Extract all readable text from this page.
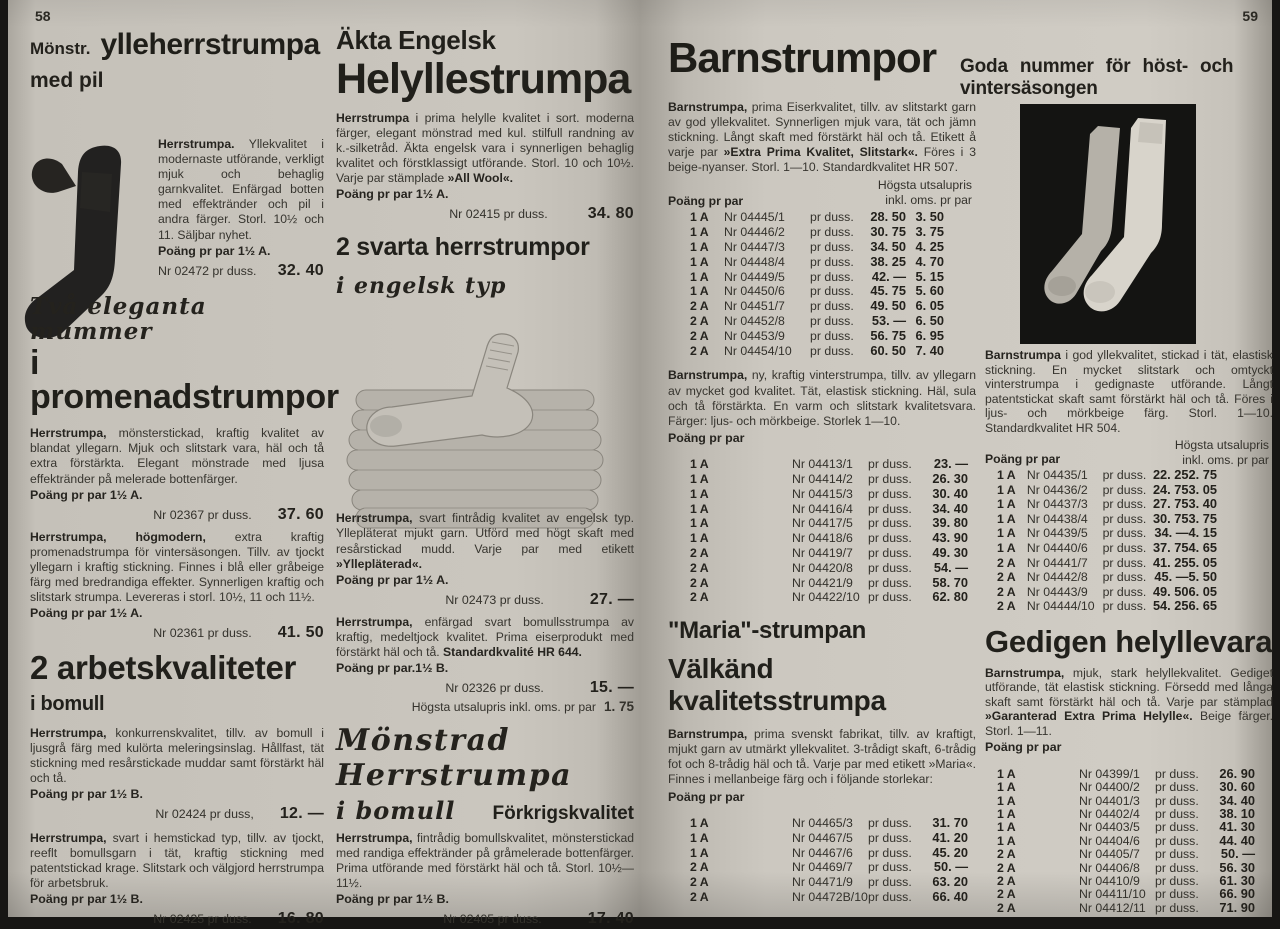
58	59
Mönstr. ylleherrstrumpa
med pil

Herrstrumpa. Yllekvalitet i modernaste utförande, verkligt mjuk och behaglig garnkvalitet. Enfärgad botten med effektränder och pil i andra färger. Storl. 10½ och 11. Säljbar nyhet.

Poäng pr par 1½ A.

Nr 02472 pr duss. 32. 40
Två eleganta mummer
i promenadstrumpor

Herrstrumpa, mönsterstickad, kraftig kvalitet av blandat yllegarn. Mjuk och slitstark vara, häl och tå extra förstärkta. Elegant mönstrade med ljusa effektränder på melerade bottenfärger.

Poäng pr par 1½ A.

Nr 02367 pr duss. 37. 60

Herrstrumpa, högmodern, extra kraftig promenadstrumpa för vintersäsongen. Tillv. av tjockt yllegarn i kraftig stickning. Finnes i blå eller gråbeige färg med bredrandiga effekter. Synnerligen kraftig och slitstark strumpa. Levereras i storl. 10½, 11 och 11½.

Poäng pr par 1½ A.

Nr 02361 pr duss. 41. 50
2 arbetskvaliteter
i bomull

Herrstrumpa, konkurrenskvalitet, tillv. av bomull i ljusgrå färg med kulörta meleringsinslag. Hållfast, tät stickning med resårstickade muddar samt förstärkt häl och tå.

Poäng pr par 1½ B.

Nr 02424 pr duss, 12. —

Herrstrumpa, svart i hemstickad typ, tillv. av tjockt, reeflt bomullsgarn i tät, kraftig stickning med patentstickad krage. Slitstark och välgjord herrstrumpa för arbetsbruk.

Poäng pr par 1½ B.

Nr 02425 pr duss. 16. 80
Äkta Engelsk
Helyllestrumpa

Herrstrumpa i prima helylle kvalitet i sort. moderna färger, elegant mönstrad med kul. stilfull randning av k.-silketråd. Äkta engelsk vara i synnerligen behaglig kvalitet och förstklassigt utförande. Storl. 10 och 10½. Varje par stämplade »All Wool«.

Poäng pr par 1½ A.

Nr 02415 pr duss.	34. 80
2 svarta herrstrumpor
i engelsk typ

Herrstrumpa, svart fintrådig kvalitet av engelsk typ. Yllepläterat mjukt garn. Utförd med högt skaft med resårstickad mudd. Varje par med etikett »Yllepläterad«.

Poäng pr par 1½ A.

Nr 02473 pr duss.	27. —

Herrstrumpa, enfärgad svart bomullsstrumpa av kraftig, medeltjock kvalitet. Prima eiserprodukt med förstärkt häl och tå. Standardkvalité HR 644.

Poäng pr par.1½ B.

Nr 02326 pr duss.	15. —
Högsta utsalupris inkl. oms. pr par 1. 75
Mönstrad Herrstrumpa
i bomull Förkrigskvalitet

Herrstrumpa, fintrådig bomullskvalitet, mönsterstickad med randiga effektränder på gråmelerade bottenfärger. Prima utförande med förstärkt häl och tå. Storl. 10½—11½.

Poäng pr par 1½ B.

Nr 02405 pr duss.	17. 40
Barnstrumpor Goda nummer för höst- och vintersäsongen

Barnstrumpa, prima Eiserkvalitet, tillv. av slitstarkt garn av god yllekvalitet. Synnerligen mjuk vara, tät och jämn stickning. Långt skaft med förstärkt häl och tå. Etikett å varje par »Extra Prima Kvalitet, Slitstark«. Föres i 3 beige-nyanser. Storl. 1—10. Standardkvalitet HR 507.

Högsta utsalupris
inkl. oms. pr par
Poäng pr par
1 A	Nr 04445/1	pr duss.	28. 50 3. 50
1 A	Nr 04446/2	pr duss.	30. 75 3. 75
1 A	Nr 04447/3	pr duss.	34. 50 4. 25
1 A	Nr 04448/4	pr duss.	38. 25 4. 70
1 A	Nr 04449/5	pr duss.	42. — 5. 15
1 A	Nr 04450/6	pr duss.	45. 75 5. 60
2 A	Nr 04451/7	pr duss.	49. 50 6. 05
2 A	Nr 04452/8	pr duss.	53. — 6. 50
2 A	Nr 04453/9	pr duss.	56. 75 6. 95
2 A	Nr 04454/10	pr duss.	60. 50 7. 40

Barnstrumpa, ny, kraftig vinterstrumpa, tillv. av yllegarn av mycket god kvalitet. Tät, elastisk stickning. Häl, sula och tå förstärkta. En varm och slitstark kvalitetsvara. Färger: ljus- och mörkbeige. Storlek 1—10.

Poäng pr par

1 A	Nr 04413/1	pr duss.	23. —
1 A	Nr 04414/2	pr duss.	26. 30
1 A	Nr 04415/3	pr duss.	30. 40
1 A	Nr 04416/4	pr duss.	34. 40
1 A	Nr 04417/5	pr duss.	39. 80
1 A	Nr 04418/6	pr duss.	43. 90
2 A	Nr 04419/7	pr duss.	49. 30
2 A	Nr 04420/8	pr duss.	54. —
2 A	Nr 04421/9	pr duss.	58. 70
2 A	Nr 04422/10 pr duss.	62. 80
"Maria"-strumpan
Välkänd kvalitetsstrumpa

Barnstrumpa, prima svenskt fabrikat, tillv. av kraftigt, mjukt garn av utmärkt yllekvalitet. 3-trådigt skaft, 6-trådig fot och 8-trådig häl och tå. Varje par med etikett »Maria«. Finnes i mellanbeige färg och i följande storlekar:

Poäng pr par

1 A	Nr 04465/3	pr duss.	31. 70
1 A	Nr 04467/5	pr duss.	41. 20
1 A	Nr 04467/6	pr duss.	45. 20
2 A	Nr 04469/7	pr duss.	50. —
2 A	Nr 04471/9	pr duss.	63. 20
2 A	Nr 04472B/10 pr duss.	66. 40

Barnstrumpa i god yllekvalitet, stickad i tät, elastisk stickning. En mycket slitstark och omtyckt vinterstrumpa i gedignaste utförande. Långt patentstickat skaft samt förstärkt häl och tå. Föres i ljus- och mörkbeige färg. Storl. 1—10. Standardkvalitet HR 504.

Högsta utsalupris
inkl. oms. pr par
Poäng pr par
1 A Nr 04435/1	pr duss. 22. 25 2. 75
1 A Nr 04436/2	pr duss. 24. 75 3. 05
1 A Nr 04437/3	pr duss. 27. 75 3. 40
1 A Nr 04438/4	pr duss. 30. 75 3. 75
1 A Nr 04439/5	pr duss. 34. — 4. 15
1 A Nr 04440/6	pr duss. 37. 75 4. 65
2 A Nr 04441/7	pr duss. 41. 25 5. 05
2 A Nr 04442/8	pr duss. 45. — 5. 50
2 A Nr 04443/9	pr duss. 49. 50 6. 05
2 A Nr 04444/10 pr duss. 54. 25 6. 65
Gedigen helyllevara

Barnstrumpa, mjuk, stark helyllekvalitet. Gediget utförande, tät elastisk stickning. Försedd med långa skaft samt förstärkt häl och tå. Varje par stämplad »Garanterad Extra Prima Helylle«. Beige färger. Storl. 1—11.

Poäng pr par

1 A	Nr 04399/1	pr duss.	26. 90
1 A	Nr 04400/2	pr duss.	30. 60
1 A	Nr 04401/3	pr duss.	34. 40
1 A	Nr 04402/4	pr duss.	38. 10
1 A	Nr 04403/5	pr duss.	41. 30
1 A	Nr 04404/6	pr duss.	44. 40
2 A	Nr 04405/7	pr duss.	50. —
2 A	Nr 04406/8	pr duss.	56. 30
2 A	Nr 04410/9	pr duss.	61. 30
2 A	Nr 04411/10 pr duss.	66. 90
2 A	Nr 04412/11 pr duss.	71. 90
